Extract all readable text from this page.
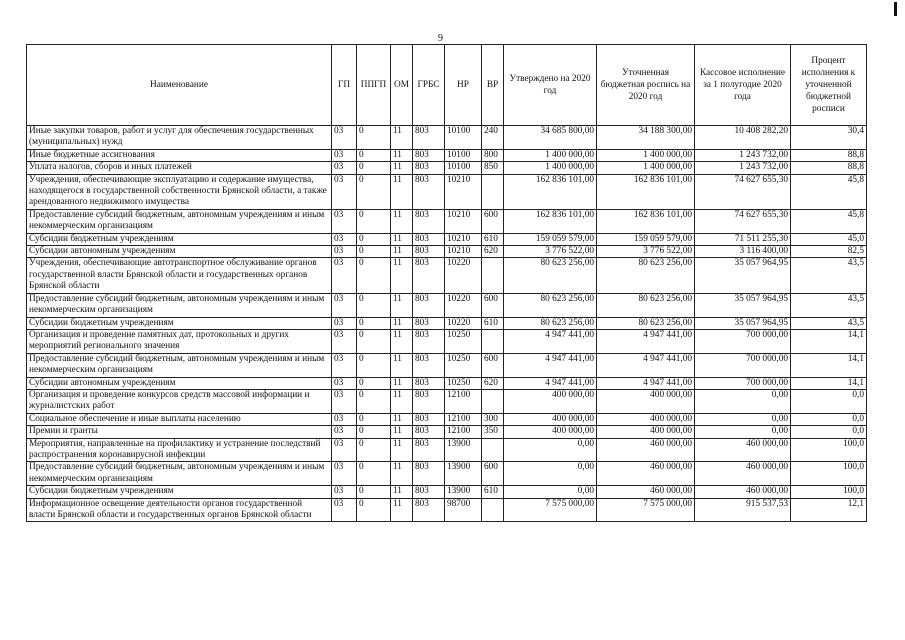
9
Наименование	ГП	ППГП	ОМ	ГРБС	НР	ВР	Утверждено на 2020 год	Уточненная бюджетная роспись на 2020 год	Кассовое исполнение за 1 полугодие 2020 года	Процент исполнения к уточненной бюджетной росписи
Иные закупки товаров, работ и услуг для обеспечения государственных (муниципальных) нужд	03	0	11	803	10100	240	34 685 800,00	34 188 300,00	10 408 282,20	30,4
Иные бюджетные ассигнования	03	0	11	803	10100	800	1 400 000,00	1 400 000,00	1 243 732,00	88,8
Уплата налогов, сборов и иных платежей	03	0	11	803	10100	850	1 400 000,00	1 400 000,00	1 243 732,00	88,8
Учреждения, обеспечивающие эксплуатацию и содержание имущества, находящегося в государственной собственности Брянской области, а также арендованного недвижимого имущества	03	0	11	803	10210		162 836 101,00	162 836 101,00	74 627 655,30	45,8
Предоставление субсидий бюджетным, автономным учреждениям и иным некоммерческим организациям	03	0	11	803	10210	600	162 836 101,00	162 836 101,00	74 627 655,30	45,8
Субсидии бюджетным учреждениям	03	0	11	803	10210	610	159 059 579,00	159 059 579,00	71 511 255,30	45,0
Субсидии автономным учреждениям	03	0	11	803	10210	620	3 776 522,00	3 776 522,00	3 116 400,00	82,5
Учреждения, обеспечивающие автотранспортное обслуживание органов государственной власти Брянской области и государственных органов Брянской области	03	0	11	803	10220		80 623 256,00	80 623 256,00	35 057 964,95	43,5
Предоставление субсидий бюджетным, автономным учреждениям и иным некоммерческим организациям	03	0	11	803	10220	600	80 623 256,00	80 623 256,00	35 057 964,95	43,5
Субсидии бюджетным учреждениям	03	0	11	803	10220	610	80 623 256,00	80 623 256,00	35 057 964,95	43,5
Организация и проведение памятных дат, протокольных и других мероприятий регионального значения	03	0	11	803	10250		4 947 441,00	4 947 441,00	700 000,00	14,1
Предоставление субсидий бюджетным, автономным учреждениям и иным некоммерческим организациям	03	0	11	803	10250	600	4 947 441,00	4 947 441,00	700 000,00	14,1
Субсидии автономным учреждениям	03	0	11	803	10250	620	4 947 441,00	4 947 441,00	700 000,00	14,1
Организация и проведение конкурсов средств массовой информации и журналистских работ	03	0	11	803	12100		400 000,00	400 000,00	0,00	0,0
Социальное обеспечение и иные выплаты населению	03	0	11	803	12100	300	400 000,00	400 000,00	0,00	0,0
Премии и гранты	03	0	11	803	12100	350	400 000,00	400 000,00	0,00	0,0
Мероприятия, направленные на профилактику и устранение последствий распространения коронавирусной инфекции	03	0	11	803	13900		0,00	460 000,00	460 000,00	100,0
Предоставление субсидий бюджетным, автономным учреждениям и иным некоммерческим организациям	03	0	11	803	13900	600	0,00	460 000,00	460 000,00	100,0
Субсидии бюджетным учреждениям	03	0	11	803	13900	610	0,00	460 000,00	460 000,00	100,0
Информационное освещение деятельности органов государственной власти Брянской области и государственных органов Брянской области	03	0	11	803	98700		7 575 000,00	7 575 000,00	915 537,53	12,1
